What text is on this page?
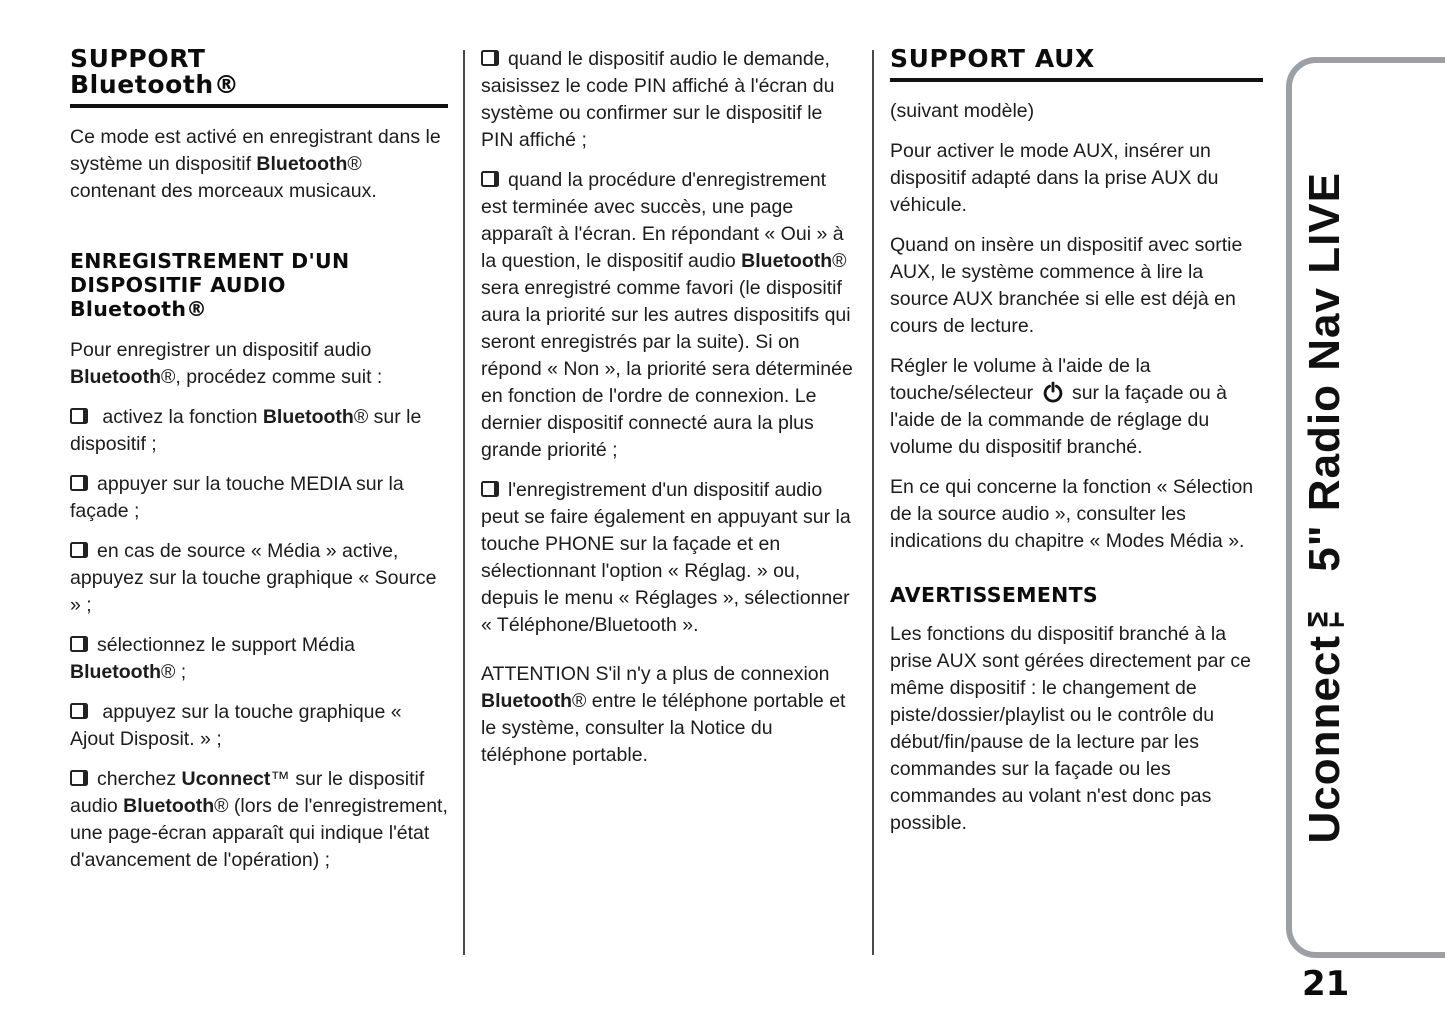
SUPPORT
Bluetooth®

Ce mode est activé en enregistrant dans le système un dispositif Bluetooth® contenant des morceaux musicaux.

ENREGISTREMENT D'UN
DISPOSITIF AUDIO
Bluetooth®

Pour enregistrer un dispositif audio Bluetooth®, procédez comme suit :

activez la fonction Bluetooth® sur le dispositif ;

appuyer sur la touche MEDIA sur la façade ;

en cas de source « Média » active, appuyez sur la touche graphique « Source » ;

sélectionnez le support Média Bluetooth® ;

appuyez sur la touche graphique « Ajout Disposit. » ;

cherchez Uconnect™ sur le dispositif audio Bluetooth® (lors de l'enregistrement, une page-écran apparaît qui indique l'état d'avancement de l'opération) ;

quand le dispositif audio le demande, saisissez le code PIN affiché à l'écran du système ou confirmer sur le dispositif le PIN affiché ;

quand la procédure d'enregistrement est terminée avec succès, une page apparaît à l'écran. En répondant « Oui » à la question, le dispositif audio Bluetooth® sera enregistré comme favori (le dispositif aura la priorité sur les autres dispositifs qui seront enregistrés par la suite). Si on répond « Non », la priorité sera déterminée en fonction de l'ordre de connexion. Le dernier dispositif connecté aura la plus grande priorité ;

l'enregistrement d'un dispositif audio peut se faire également en appuyant sur la touche PHONE sur la façade et en sélectionnant l'option « Réglag. » ou, depuis le menu « Réglages », sélectionner « Téléphone/Bluetooth ».

ATTENTION S'il n'y a plus de connexion Bluetooth® entre le téléphone portable et le système, consulter la Notice du téléphone portable.

SUPPORT AUX

(suivant modèle)

Pour activer le mode AUX, insérer un dispositif adapté dans la prise AUX du véhicule.

Quand on insère un dispositif avec sortie AUX, le système commence à lire la source AUX branchée si elle est déjà en cours de lecture.

Régler le volume à l'aide de la touche/sélecteur
sur la façade ou à l'aide de la commande de réglage du volume du dispositif branché.

En ce qui concerne la fonction « Sélection de la source audio », consulter les indications du chapitre « Modes Média ».

AVERTISSEMENTS

Les fonctions du dispositif branché à la prise AUX sont gérées directement par ce même dispositif : le changement de piste/dossier/playlist ou le contrôle du début/fin/pause de la lecture par les commandes sur la façade ou les commandes au volant n'est donc pas possible.	Uconnect™ 5" Radio Nav LIVE
21
